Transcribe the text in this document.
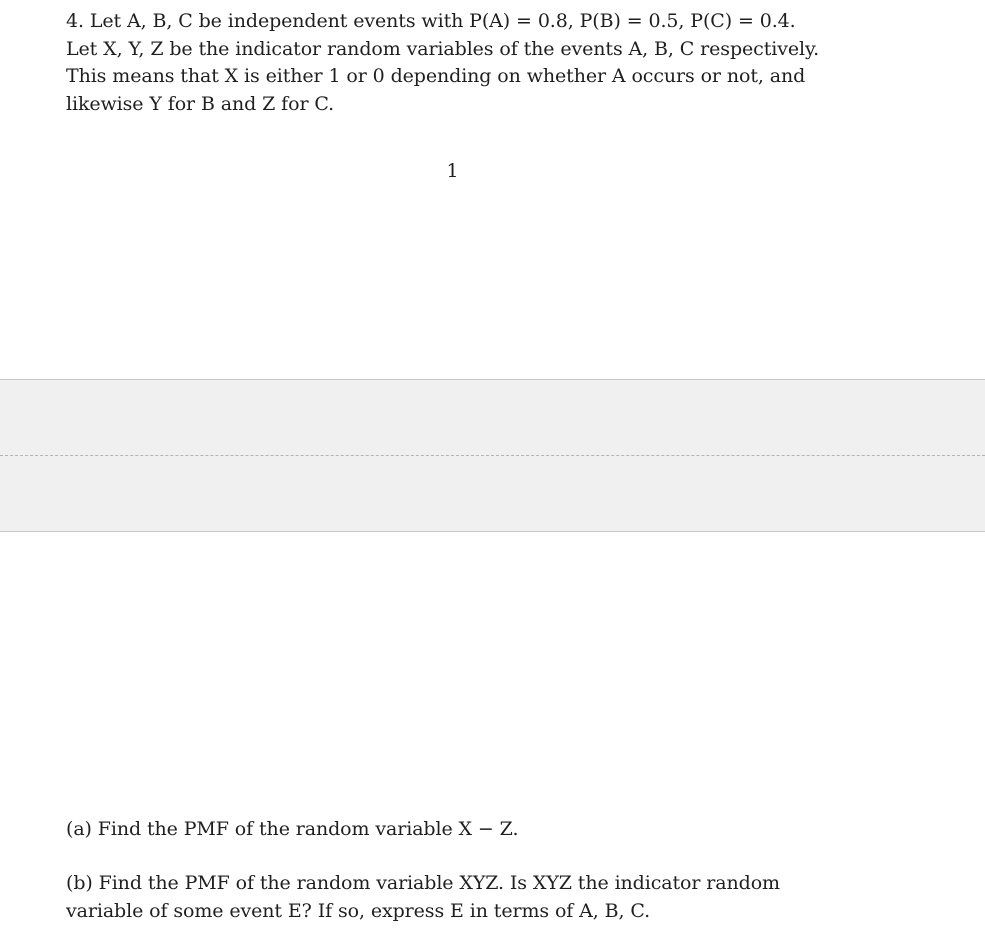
4. Let A, B, C be independent events with P(A) = 0.8, P(B) = 0.5, P(C) = 0.4.
Let X, Y, Z be the indicator random variables of the events A, B, C respectively.
This means that X is either 1 or 0 depending on whether A occurs or not, and
likewise Y for B and Z for C.
1
(a) Find the PMF of the random variable X − Z.
(b) Find the PMF of the random variable XYZ. Is XYZ the indicator random
variable of some event E? If so, express E in terms of A, B, C.
